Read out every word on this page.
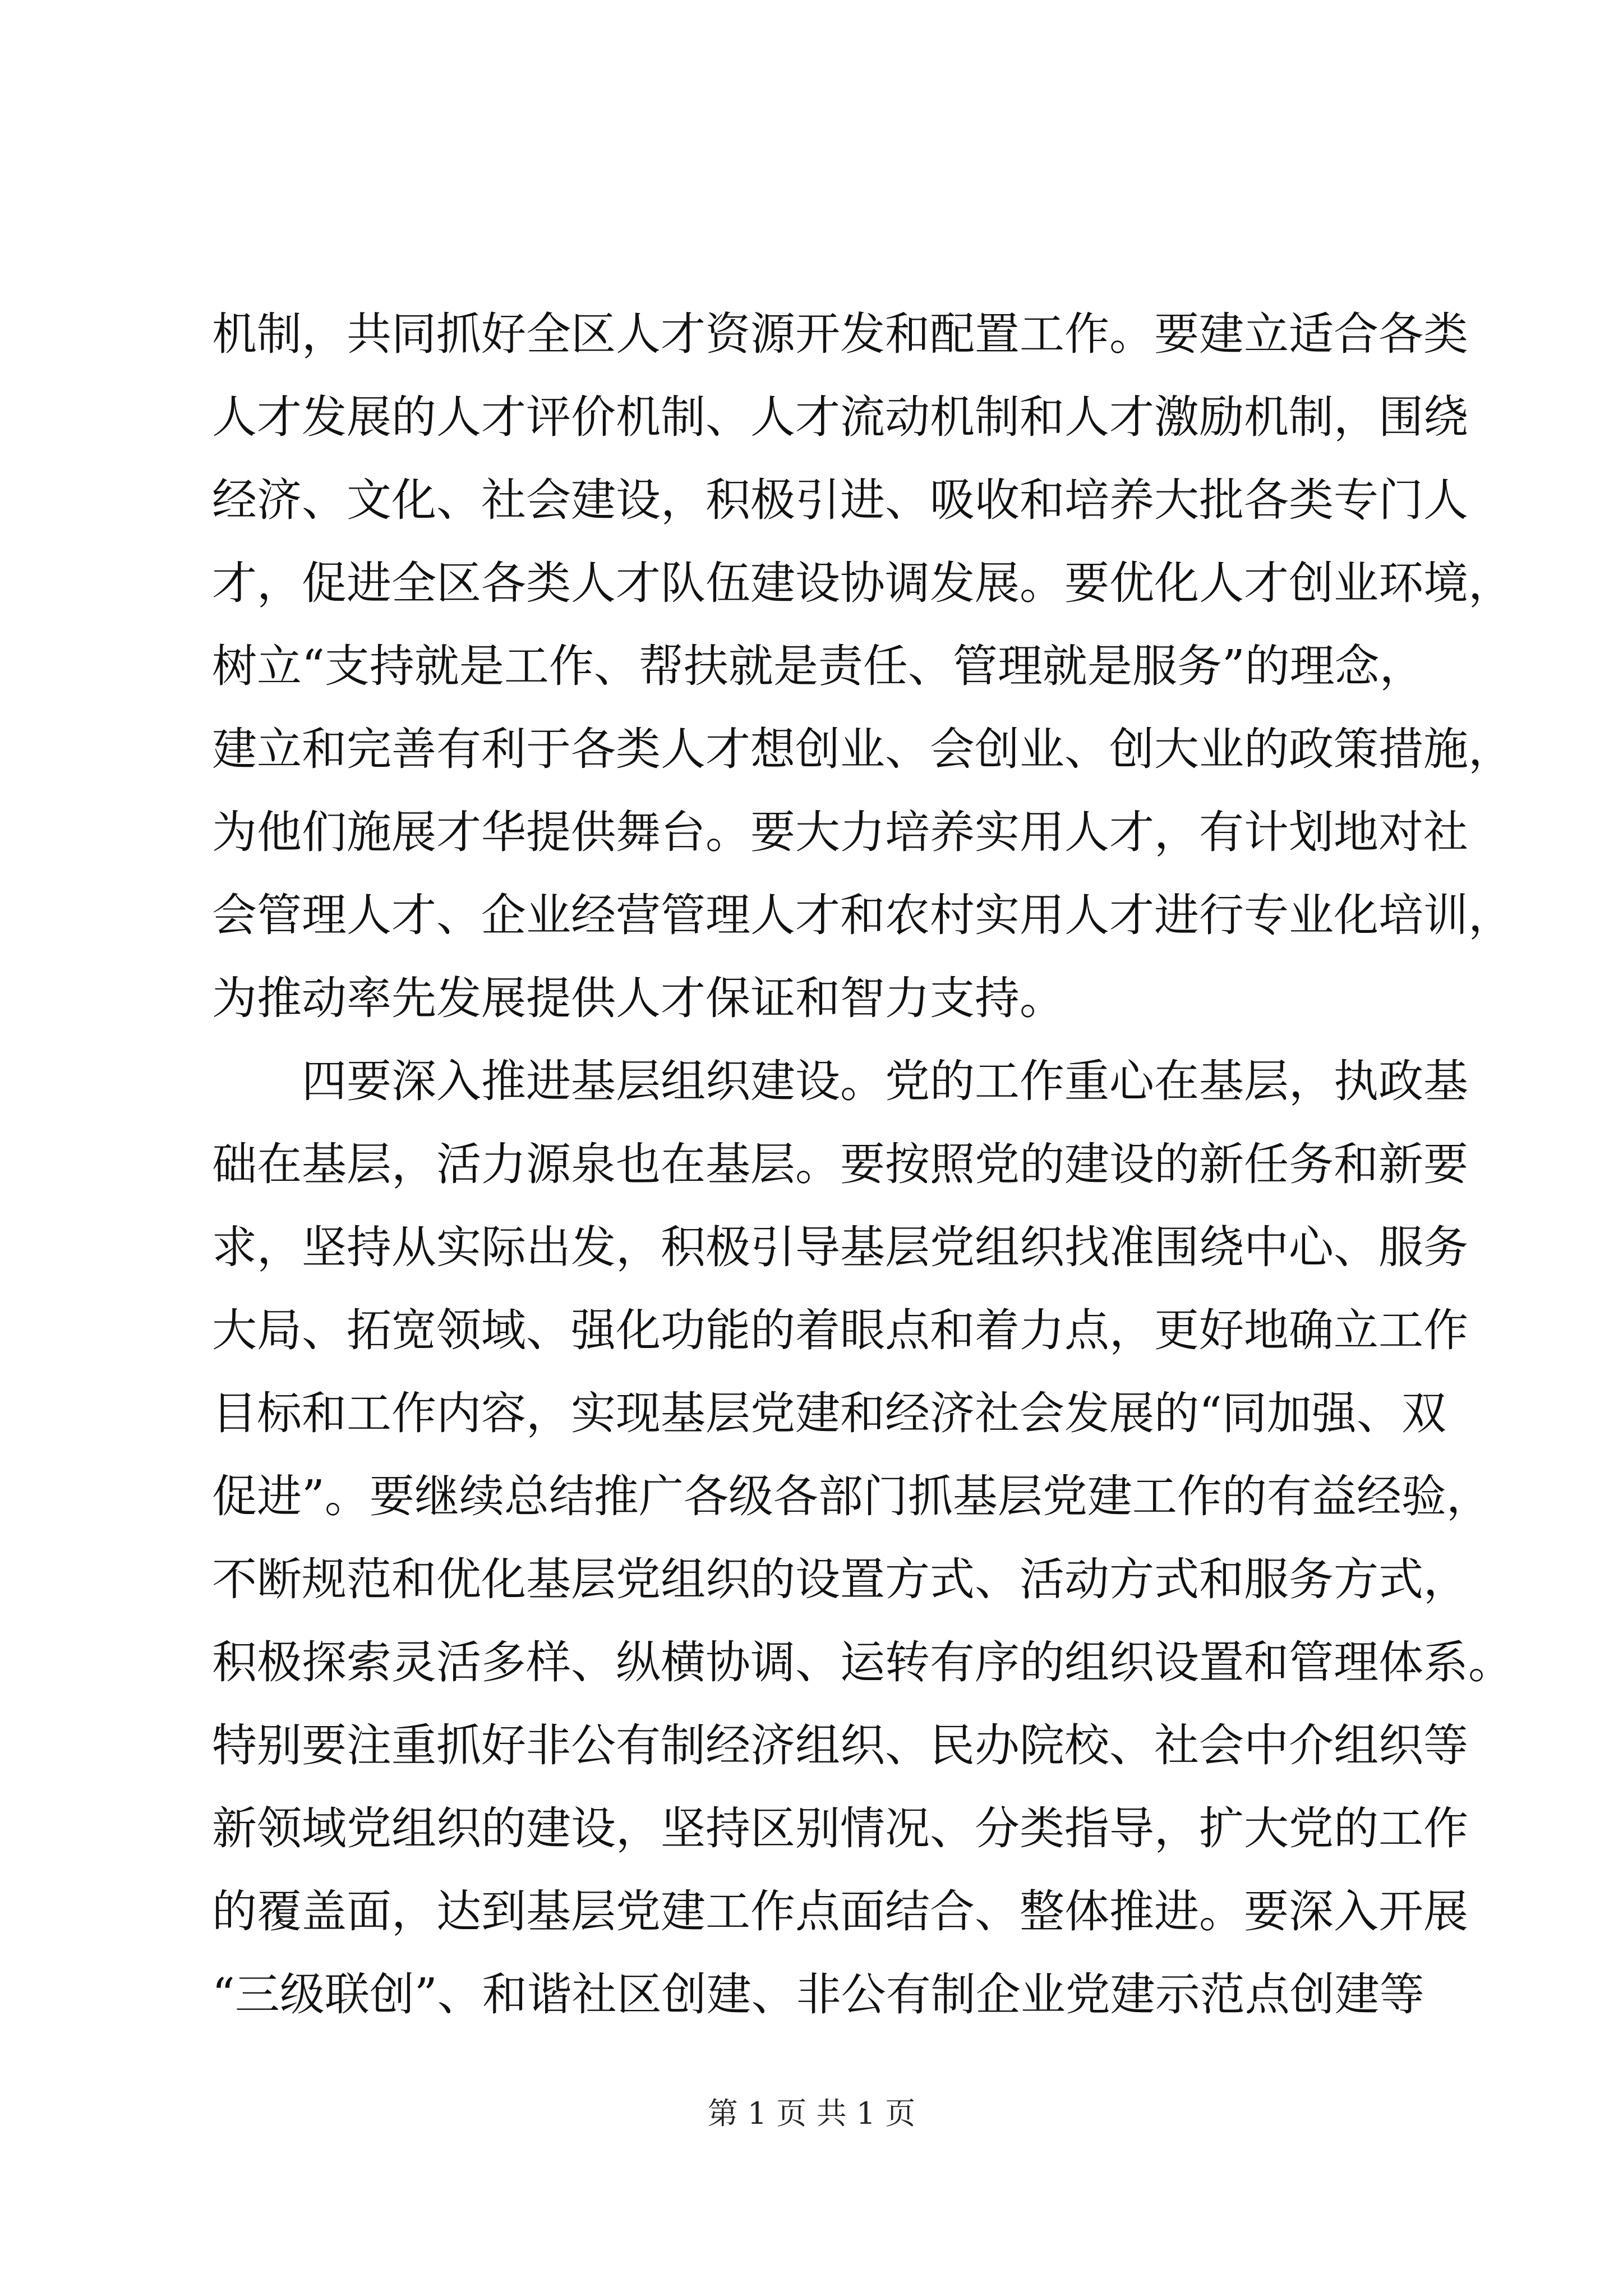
机制，共同抓好全区人才资源开发和配置工作。要建立适合各类
人才发展的人才评价机制、人才流动机制和人才激励机制，围绕
经济、文化、社会建设，积极引进、吸收和培养大批各类专门人
才，促进全区各类人才队伍建设协调发展。要优化人才创业环境，
树立“支持就是工作、帮扶就是责任、管理就是服务”的理念，
建立和完善有利于各类人才想创业、会创业、创大业的政策措施，
为他们施展才华提供舞台。要大力培养实用人才，有计划地对社
会管理人才、企业经营管理人才和农村实用人才进行专业化培训，
为推动率先发展提供人才保证和智力支持。
四要深入推进基层组织建设。党的工作重心在基层，执政基
础在基层，活力源泉也在基层。要按照党的建设的新任务和新要
求，坚持从实际出发，积极引导基层党组织找准围绕中心、服务
大局、拓宽领域、强化功能的着眼点和着力点，更好地确立工作
目标和工作内容，实现基层党建和经济社会发展的“同加强、双
促进”。要继续总结推广各级各部门抓基层党建工作的有益经验，
不断规范和优化基层党组织的设置方式、活动方式和服务方式，
积极探索灵活多样、纵横协调、运转有序的组织设置和管理体系。
特别要注重抓好非公有制经济组织、民办院校、社会中介组织等
新领域党组织的建设，坚持区别情况、分类指导，扩大党的工作
的覆盖面，达到基层党建工作点面结合、整体推进。要深入开展
“三级联创”、和谐社区创建、非公有制企业党建示范点创建等
第 1 页 共 1 页
